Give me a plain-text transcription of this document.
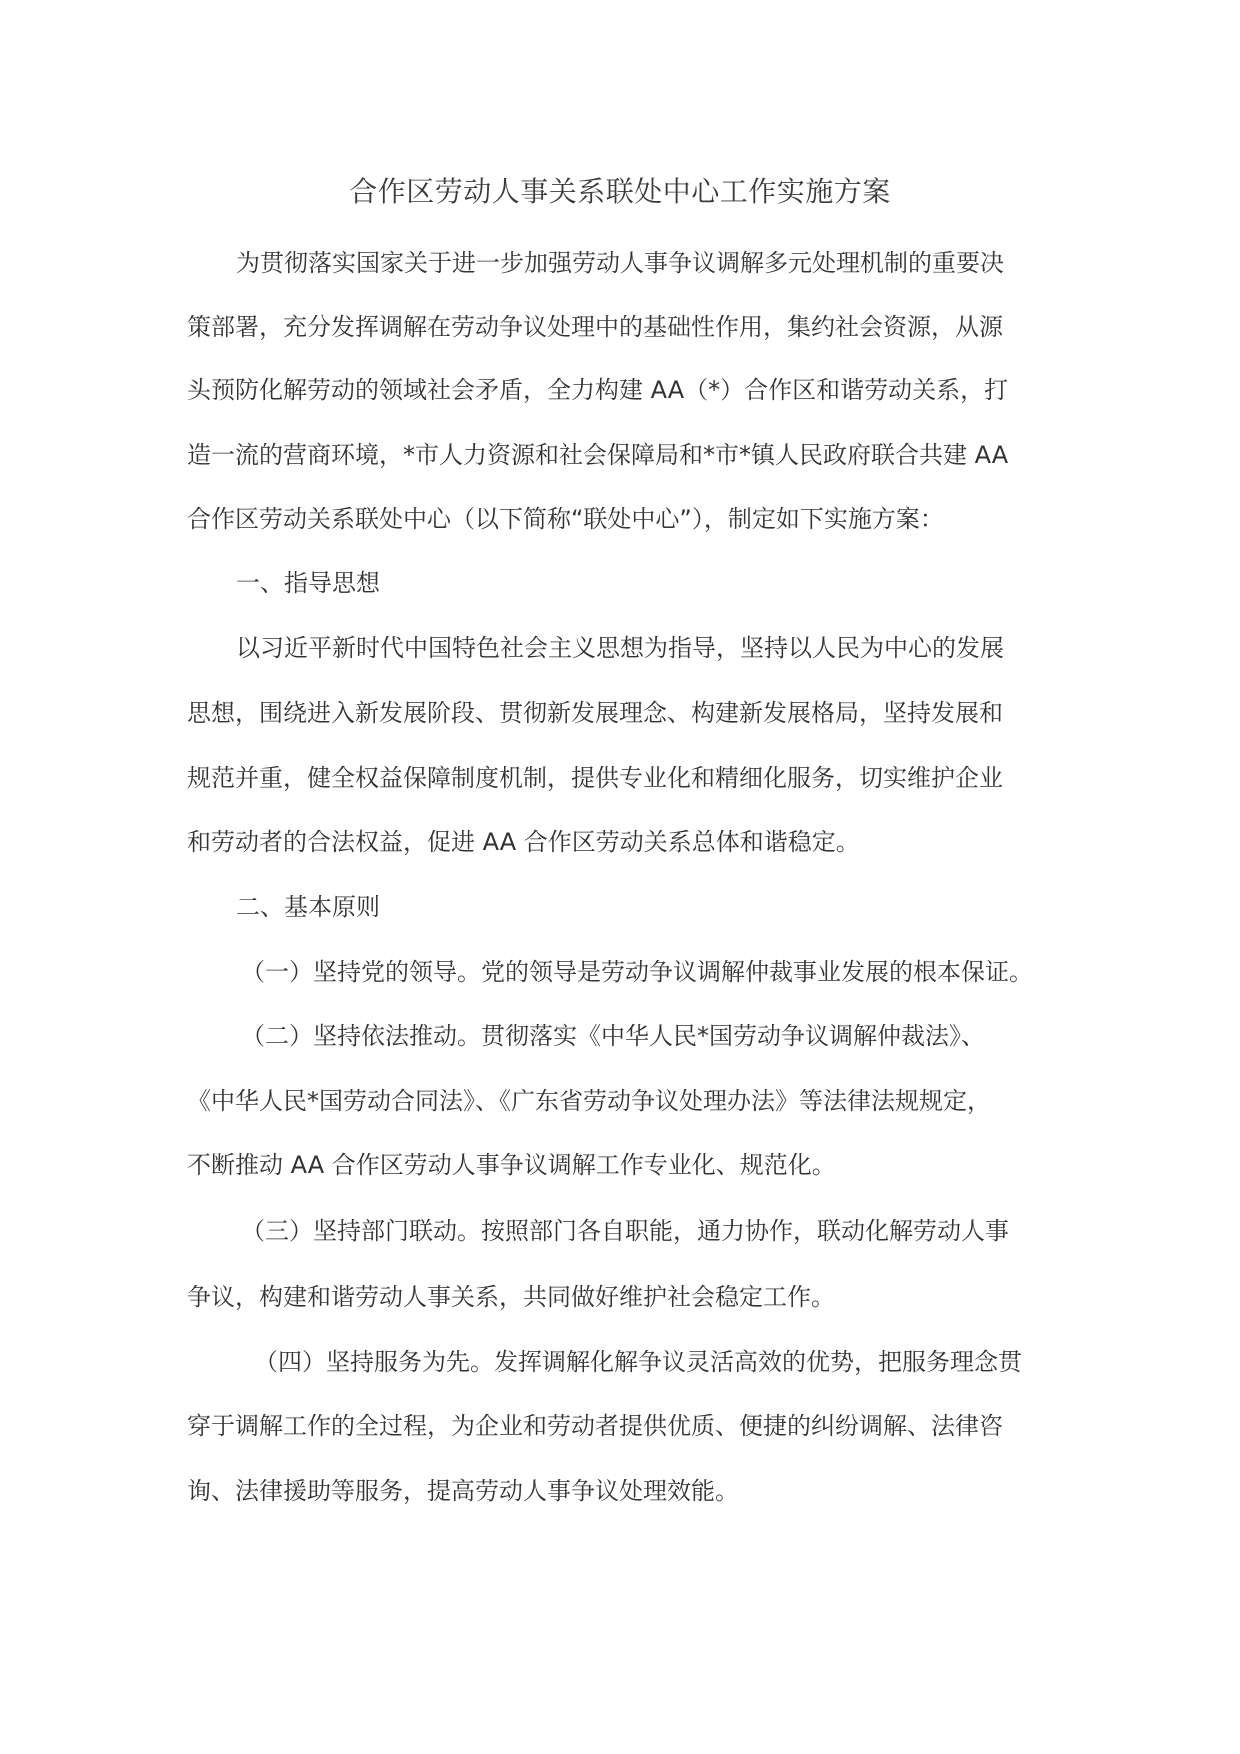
合作区劳动人事关系联处中心工作实施方案
为贯彻落实国家关于进一步加强劳动人事争议调解多元处理机制的重要决
策部署，充分发挥调解在劳动争议处理中的基础性作用，集约社会资源，从源
头预防化解劳动的领域社会矛盾，全力构建 AA（*）合作区和谐劳动关系，打
造一流的营商环境，*市人力资源和社会保障局和*市*镇人民政府联合共建 AA
合作区劳动关系联处中心（以下简称“联处中心”），制定如下实施方案：
一、指导思想
以习近平新时代中国特色社会主义思想为指导，坚持以人民为中心的发展
思想，围绕进入新发展阶段、贯彻新发展理念、构建新发展格局，坚持发展和
规范并重，健全权益保障制度机制，提供专业化和精细化服务，切实维护企业
和劳动者的合法权益，促进 AA 合作区劳动关系总体和谐稳定。
二、基本原则
（一）坚持党的领导。党的领导是劳动争议调解仲裁事业发展的根本保证。
（二）坚持依法推动。贯彻落实《中华人民*国劳动争议调解仲裁法》、
《中华人民*国劳动合同法》、《广东省劳动争议处理办法》等法律法规规定，
不断推动 AA 合作区劳动人事争议调解工作专业化、规范化。
（三）坚持部门联动。按照部门各自职能，通力协作，联动化解劳动人事
争议，构建和谐劳动人事关系，共同做好维护社会稳定工作。
（四）坚持服务为先。发挥调解化解争议灵活高效的优势，把服务理念贯
穿于调解工作的全过程，为企业和劳动者提供优质、便捷的纠纷调解、法律咨
询、法律援助等服务，提高劳动人事争议处理效能。
